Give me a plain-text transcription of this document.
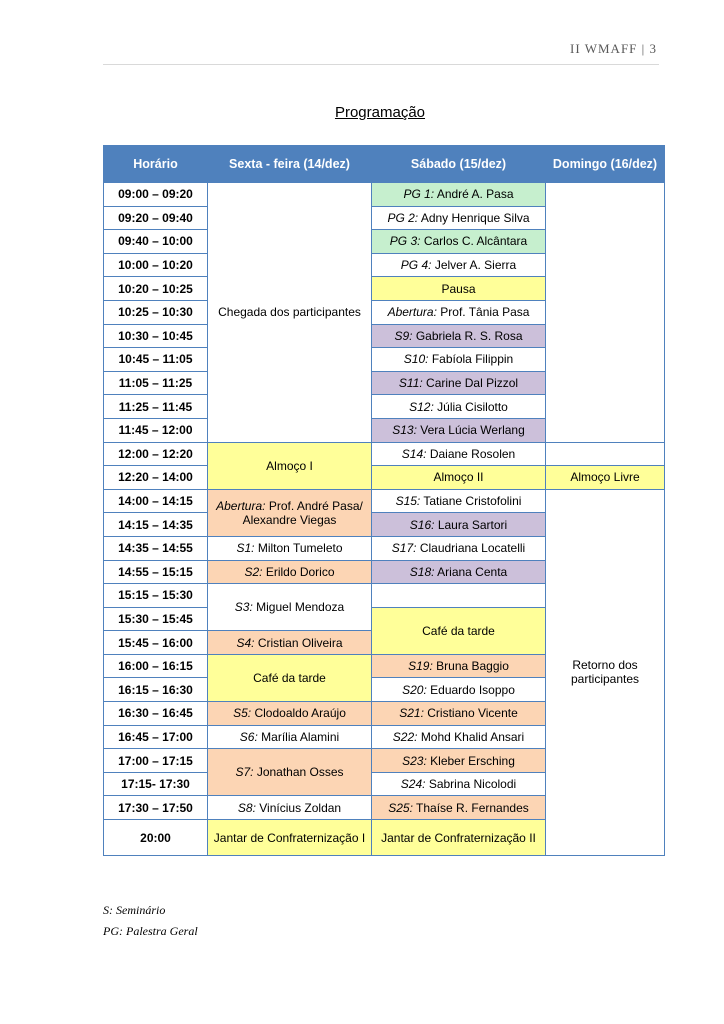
II WMAFF | 3
Programação
Horário	Sexta - feira (14/dez)	Sábado (15/dez)	Domingo (16/dez)	
09:00 – 09:20	Chegada dos participantes	PG 1: André A. Pasa		
09:20 – 09:40		PG 2: Adny Henrique Silva		
09:40 – 10:00		PG 3: Carlos C. Alcântara		
10:00 – 10:20		PG 4: Jelver A. Sierra		
10:20 – 10:25		Pausa		
10:25 – 10:30		Abertura: Prof. Tânia Pasa		
10:30 – 10:45		S9: Gabriela R. S. Rosa		
10:45 – 11:05		S10: Fabíola Filippin		
11:05 – 11:25		S11: Carine Dal Pizzol		
11:25 – 11:45		S12: Júlia Cisilotto		
11:45 – 12:00		S13: Vera Lúcia Werlang		
12:00 – 12:20	Almoço I	S14: Daiane Rosolen		
12:20 – 14:00		Almoço II	Almoço Livre	
14:00 – 14:15	Abertura: Prof. André Pasa/ Alexandre Viegas	S15: Tatiane Cristofolini	Retorno dos participantes	
14:15 – 14:35		S16: Laura Sartori		
14:35 – 14:55	S1: Milton Tumeleto	S17: Claudriana Locatelli		
14:55 – 15:15	S2: Erildo Dorico	S18: Ariana Centa		
15:15 – 15:30	S3: Miguel Mendoza			
15:30 – 15:45		Café da tarde		
15:45 – 16:00	S4: Cristian Oliveira			
16:00 – 16:15	Café da tarde	S19: Bruna Baggio		
16:15 – 16:30		S20: Eduardo Isoppo		
16:30 – 16:45	S5: Clodoaldo Araújo	S21: Cristiano Vicente		
16:45 – 17:00	S6: Marília Alamini	S22: Mohd Khalid Ansari		
17:00 – 17:15	S7: Jonathan Osses	S23: Kleber Ersching		
17:15- 17:30		S24: Sabrina Nicolodi		
17:30 – 17:50	S8: Vinícius Zoldan	S25: Thaíse R. Fernandes		
20:00	Jantar de Confraternização I	Jantar de Confraternização II		
S: Seminário
PG: Palestra Geral
